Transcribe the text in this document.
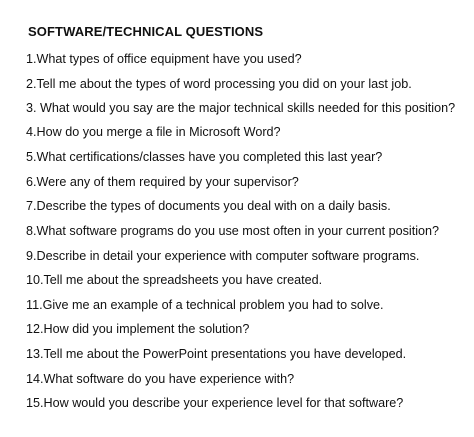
SOFTWARE/TECHNICAL QUESTIONS
1.What types of office equipment have you used?
2.Tell me about the types of word processing you did on your last job.
3. What would you say are the major technical skills needed for this position?
4.How do you merge a file in Microsoft Word?
5.What certifications/classes have you completed this last year?
6.Were any of them required by your supervisor?
7.Describe the types of documents you deal with on a daily basis.
8.What software programs do you use most often in your current position?
9.Describe in detail your experience with computer software programs.
10.Tell me about the spreadsheets you have created.
11.Give me an example of a technical problem you had to solve.
12.How did you implement the solution?
13.Tell me about the PowerPoint presentations you have developed.
14.What software do you have experience with?
15.How would you describe your experience level for that software?
